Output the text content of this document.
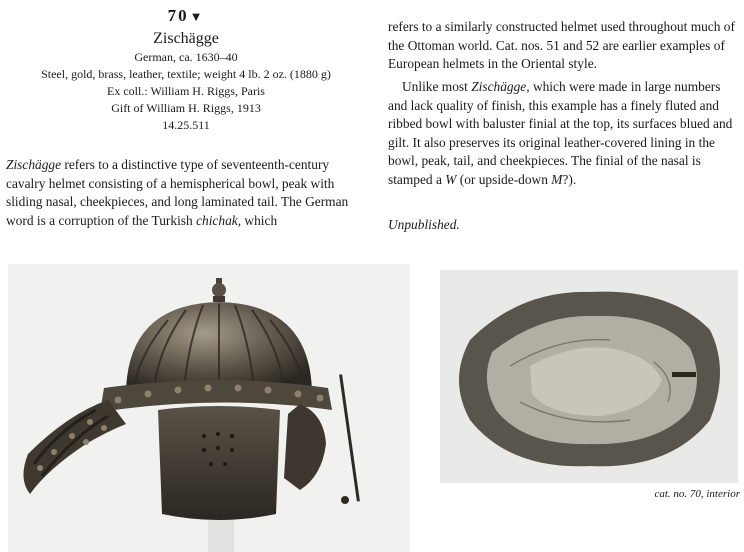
70▼
Zischägge
German, ca. 1630–40
Steel, gold, brass, leather, textile; weight 4 lb. 2 oz. (1880 g)
Ex coll.: William H. Riggs, Paris
Gift of William H. Riggs, 1913
14.25.511

Zischägge refers to a distinctive type of seventeenth-century cavalry helmet consisting of a hemispherical bowl, peak with sliding nasal, cheekpieces, and long laminated tail. The German word is a corruption of the Turkish chichak, which

refers to a similarly constructed helmet used throughout much of the Ottoman world. Cat. nos. 51 and 52 are earlier examples of European helmets in the Oriental style.

Unlike most Zischägge, which were made in large numbers and lack quality of finish, this example has a finely fluted and ribbed bowl with baluster finial at the top, its surfaces blued and gilt. It also preserves its original leather-covered lining in the bowl, peak, tail, and cheekpieces. The finial of the nasal is stamped a W (or upside-down M?).

Unpublished.
cat. no. 70, interior
